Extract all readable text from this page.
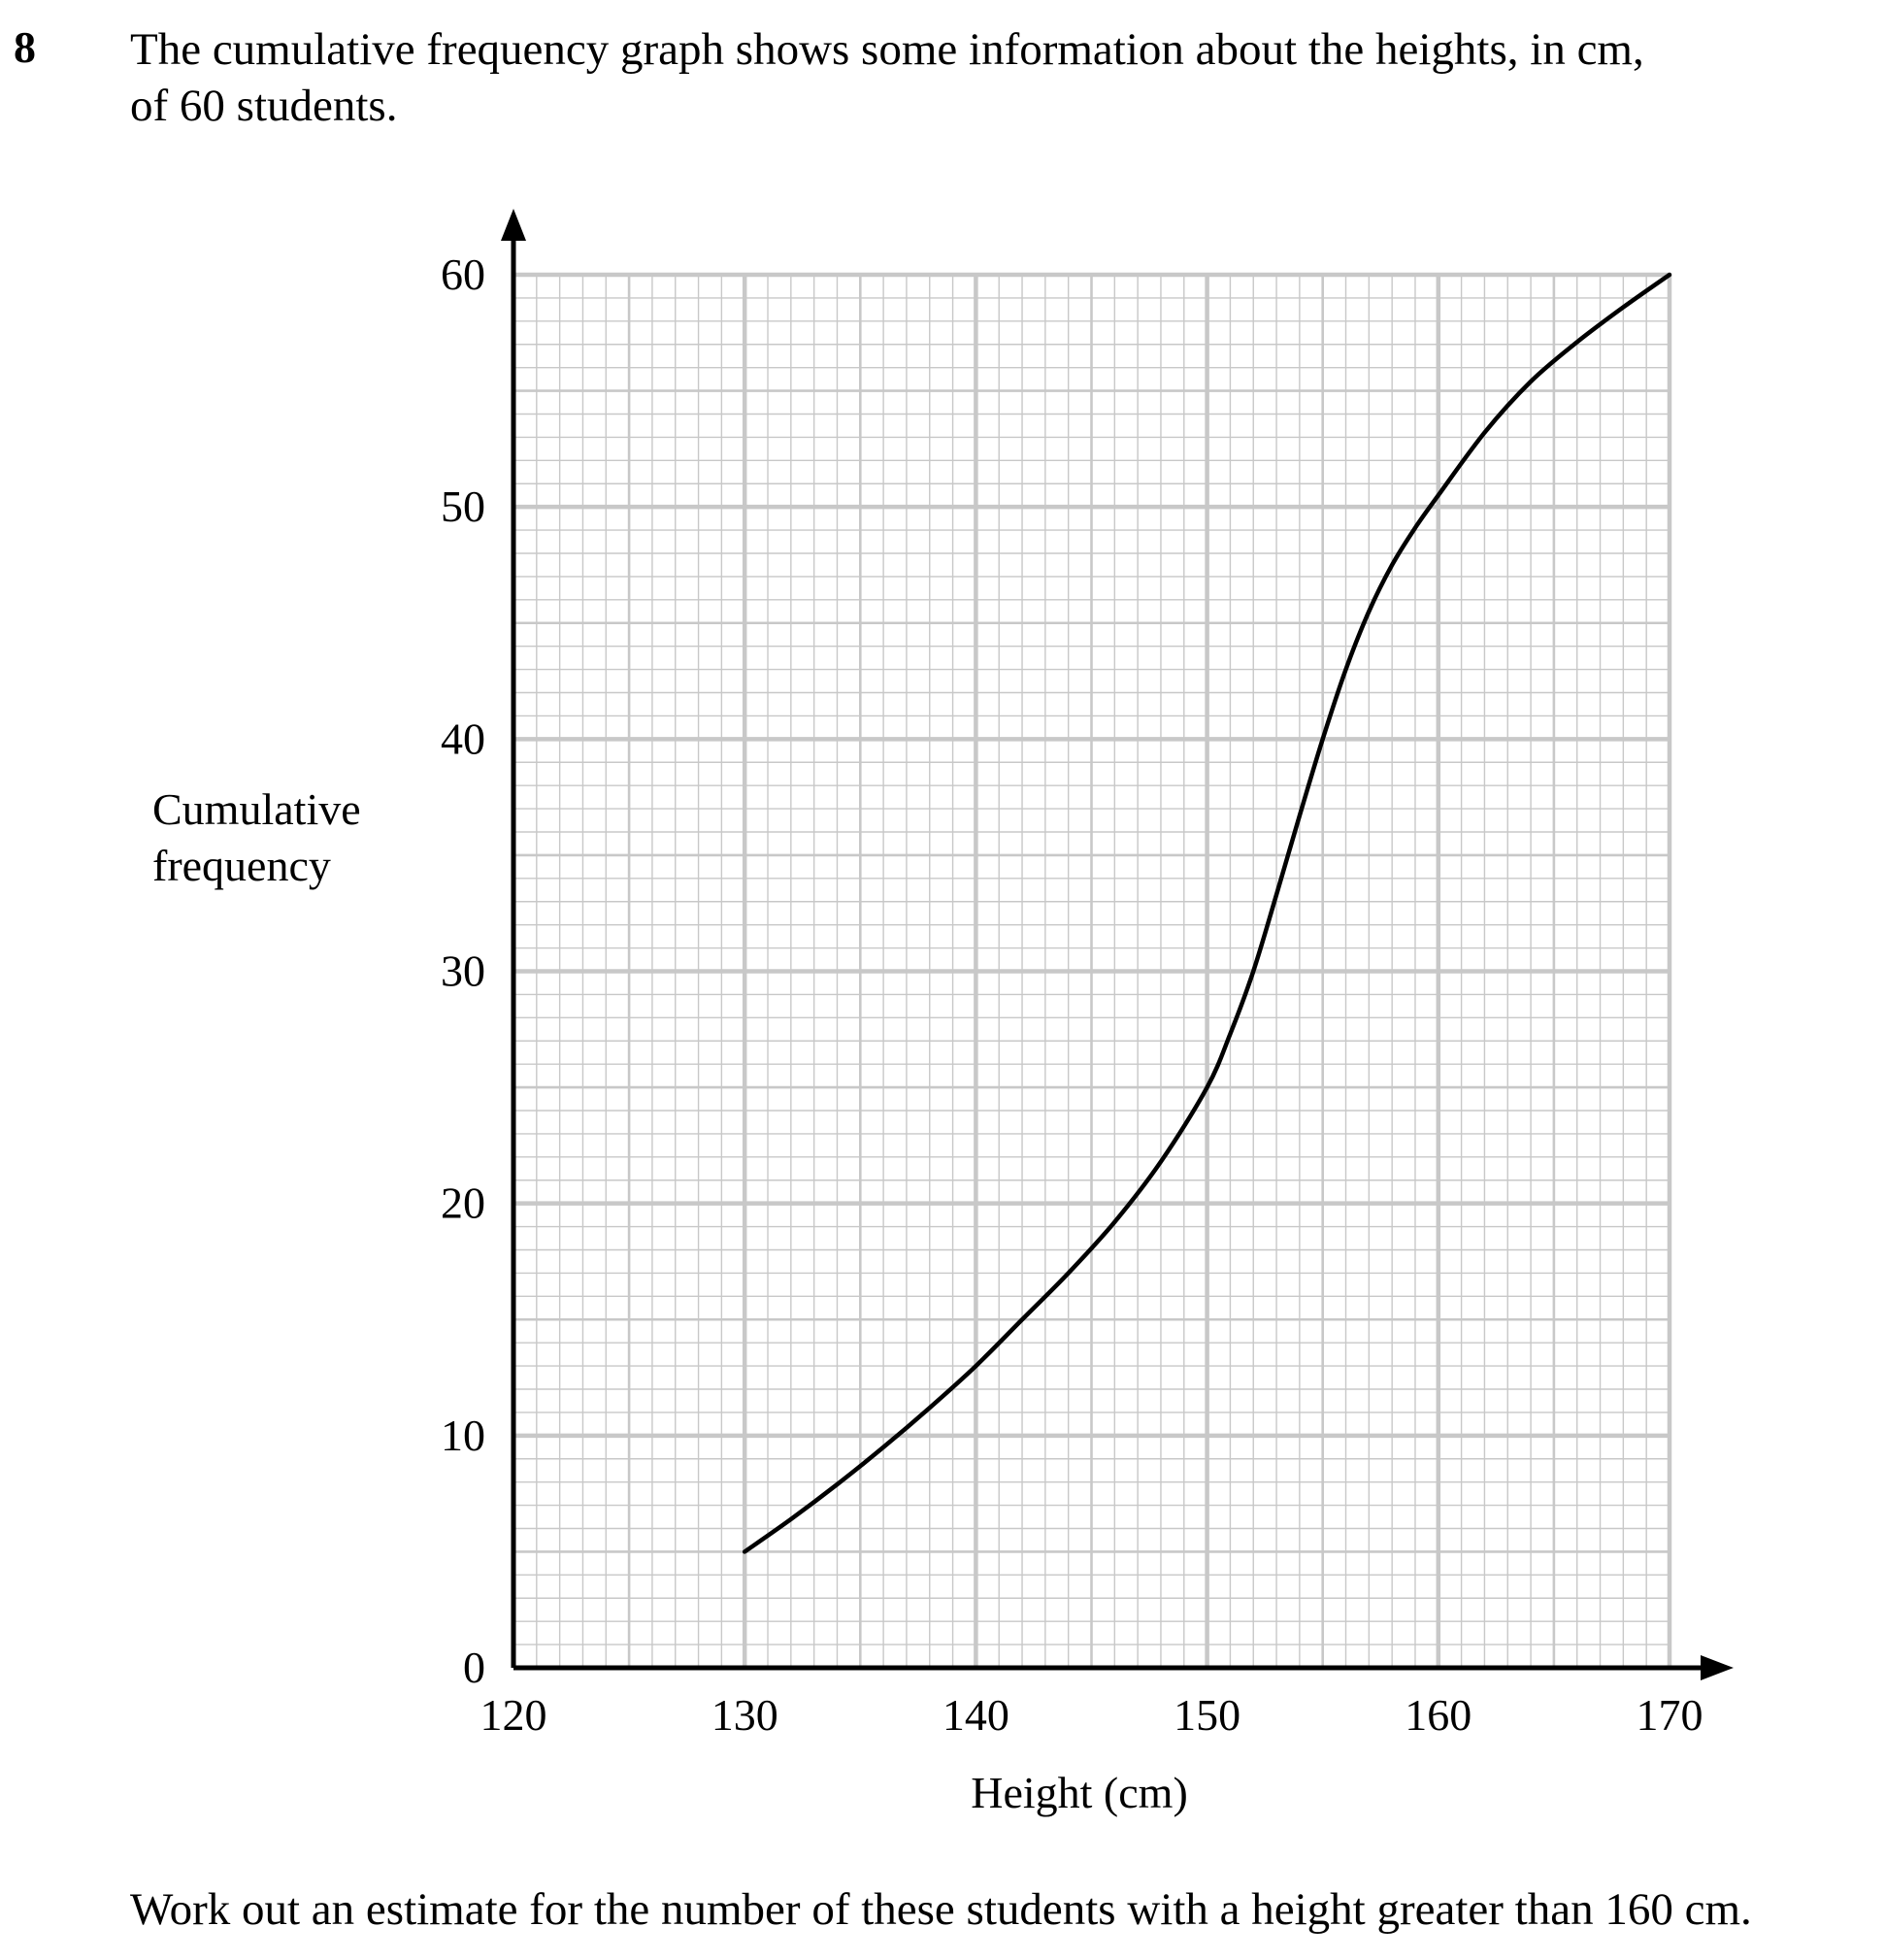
8 The cumulative frequency graph shows some information about the heights, in cm,
of 60 students.
120	130	140	150	160	170
0
10
20
30
40
50
60
Height (cm)
Cumulative
frequency
Work out an estimate for the number of these students with a height greater than 160 cm.
